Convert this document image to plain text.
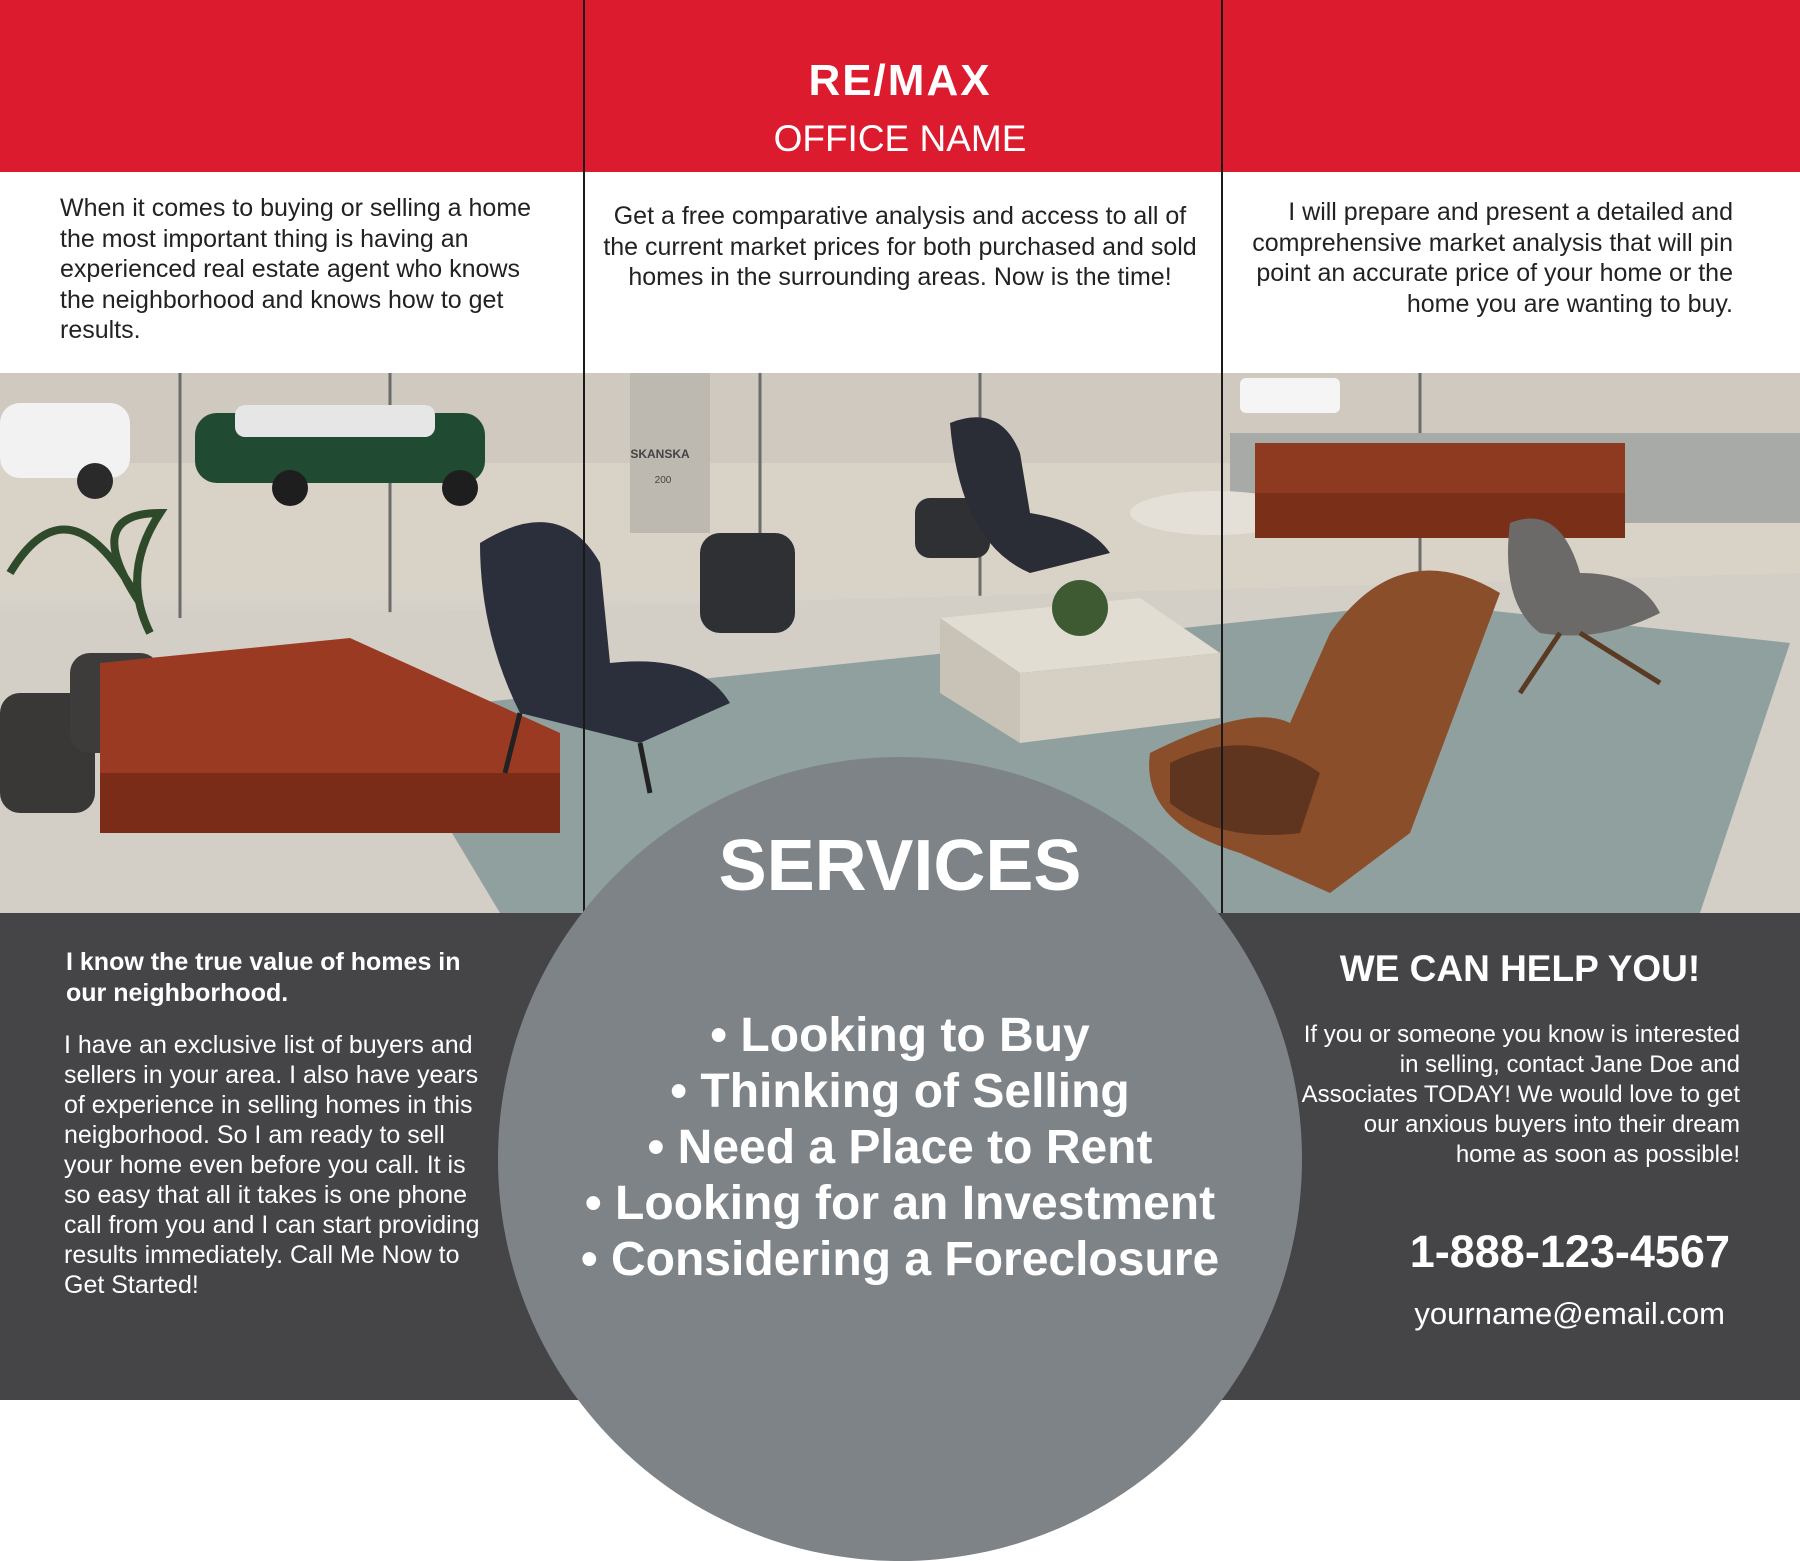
RE/MAX
OFFICE NAME
When it comes to buying or selling a home the most important thing is having an experienced real estate agent who knows the neighborhood and knows how to get results.
Get a free comparative analysis and access to all of the current market prices for both purchased and sold homes in the surrounding areas. Now is the time!
I will prepare and present a detailed and comprehensive market analysis that will pin point an accurate price of your home or the home you are wanting to buy.
SKANSKA
200
SERVICES
• Looking to Buy
• Thinking of Selling
• Need a Place to Rent
• Looking for an Investment
• Considering a Foreclosure
I know the true value of homes in our neighborhood.
I have an exclusive list of buyers and sellers in your area. I also have years of experience in selling homes in this neigborhood. So I am ready to sell your home even before you call. It is so easy that all it takes is one phone call from you and I can start providing results immediately. Call Me Now to Get Started!
WE CAN HELP YOU!
If you or someone you know is interested in selling, contact Jane Doe and Associates TODAY! We would love to get our anxious buyers into their dream home as soon as possible!
1-888-123-4567
yourname@email.com
